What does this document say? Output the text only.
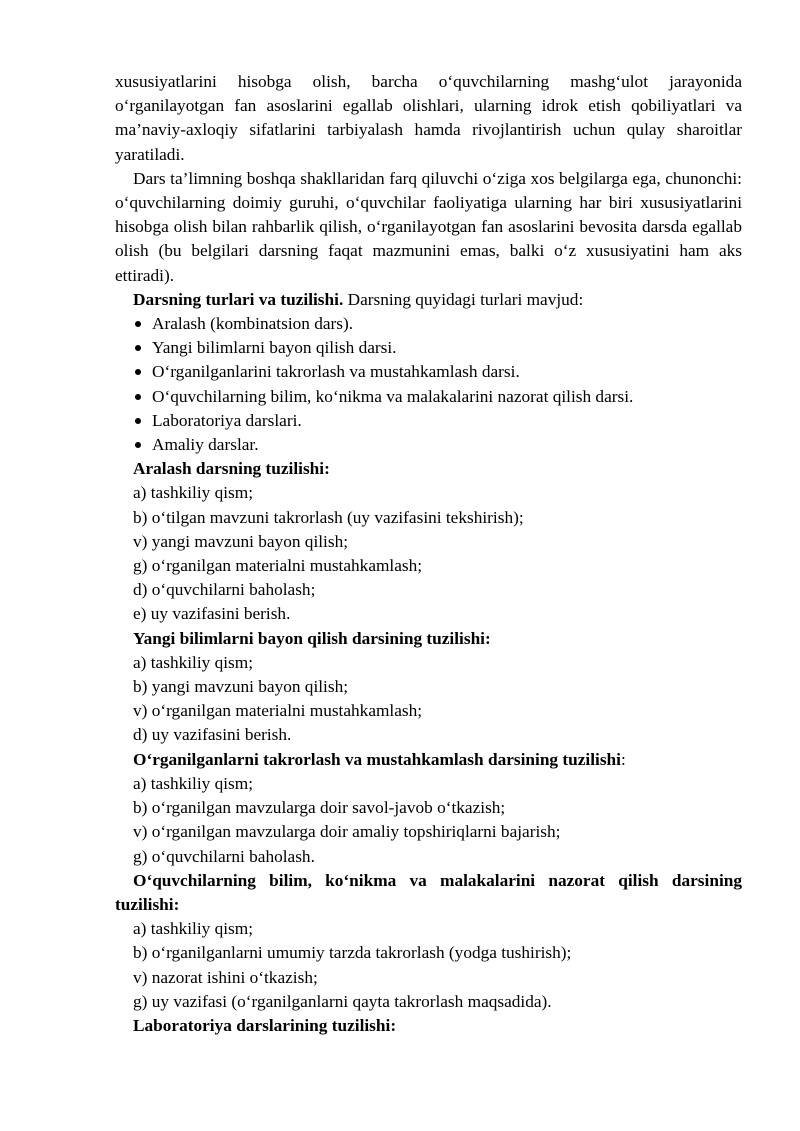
xususiyatlarini hisobga olish, barcha o‘quvchilarning mashg‘ulot jarayonida o‘rganilayotgan fan asoslarini egallab olishlari, ularning idrok etish qobiliyatlari va ma’naviy-axloqiy sifatlarini tarbiyalash hamda rivojlantirish uchun qulay sharoitlar yaratiladi.

Dars ta’limning boshqa shakllaridan farq qiluvchi o‘ziga xos belgilarga ega, chunonchi: o‘quvchilarning doimiy guruhi, o‘quvchilar faoliyatiga ularning har biri xususiyatlarini hisobga olish bilan rahbarlik qilish, o‘rganilayotgan fan asoslarini bevosita darsda egallab olish (bu belgilari darsning faqat mazmunini emas, balki o‘z xususiyatini ham aks ettiradi).

Darsning turlari va tuzilishi. Darsning quyidagi turlari mavjud:

Aralash (kombinatsion dars).
Yangi bilimlarni bayon qilish darsi.
O‘rganilganlarini takrorlash va mustahkamlash darsi.
O‘quvchilarning bilim, ko‘nikma va malakalarini nazorat qilish darsi.
Laboratoriya darslari.
Amaliy darslar.

Aralash darsning tuzilishi:

a) tashkiliy qism;

b) o‘tilgan mavzuni takrorlash (uy vazifasini tekshirish);

v) yangi mavzuni bayon qilish;

g) o‘rganilgan materialni mustahkamlash;

d) o‘quvchilarni baholash;

e) uy vazifasini berish.

Yangi bilimlarni bayon qilish darsining tuzilishi:

a) tashkiliy qism;

b) yangi mavzuni bayon qilish;

v) o‘rganilgan materialni mustahkamlash;

d) uy vazifasini berish.

O‘rganilganlarni takrorlash va mustahkamlash darsining tuzilishi:

a) tashkiliy qism;

b) o‘rganilgan mavzularga doir savol-javob o‘tkazish;

v) o‘rganilgan mavzularga doir amaliy topshiriqlarni bajarish;

g) o‘quvchilarni baholash.

O‘quvchilarning bilim, ko‘nikma va malakalarini nazorat qilish darsining tuzilishi:

a) tashkiliy qism;

b) o‘rganilganlarni umumiy tarzda takrorlash (yodga tushirish);

v) nazorat ishini o‘tkazish;

g) uy vazifasi (o‘rganilganlarni qayta takrorlash maqsadida).

Laboratoriya darslarining tuzilishi:
